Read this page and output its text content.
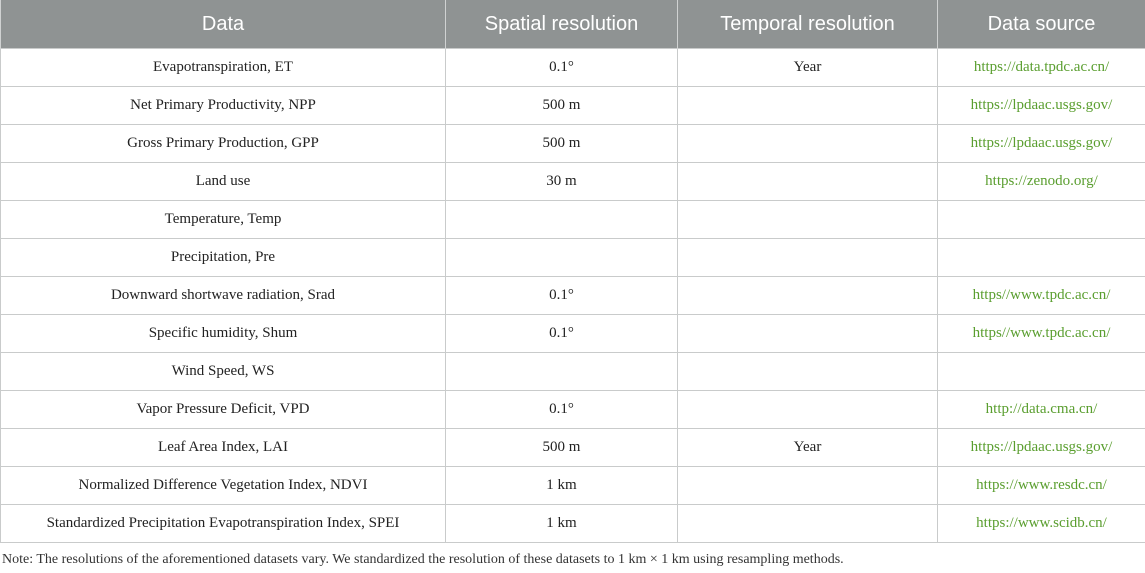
Data	Spatial resolution	Temporal resolution	Data source
Evapotranspiration, ET	0.1°	Year	https://data.tpdc.ac.cn/
Net Primary Productivity, NPP	500 m		https://lpdaac.usgs.gov/
Gross Primary Production, GPP	500 m		https://lpdaac.usgs.gov/
Land use	30 m		https://zenodo.org/
Temperature, Temp			
Precipitation, Pre			
Downward shortwave radiation, Srad	0.1°		https//www.tpdc.ac.cn/
Specific humidity, Shum	0.1°		https//www.tpdc.ac.cn/
Wind Speed, WS			
Vapor Pressure Deficit, VPD	0.1°		http://data.cma.cn/
Leaf Area Index, LAI	500 m	Year	https://lpdaac.usgs.gov/
Normalized Difference Vegetation Index, NDVI	1 km		https://www.resdc.cn/
Standardized Precipitation Evapotranspiration Index, SPEI	1 km		https://www.scidb.cn/
Note: The resolutions of the aforementioned datasets vary. We standardized the resolution of these datasets to 1 km × 1 km using resampling methods.
